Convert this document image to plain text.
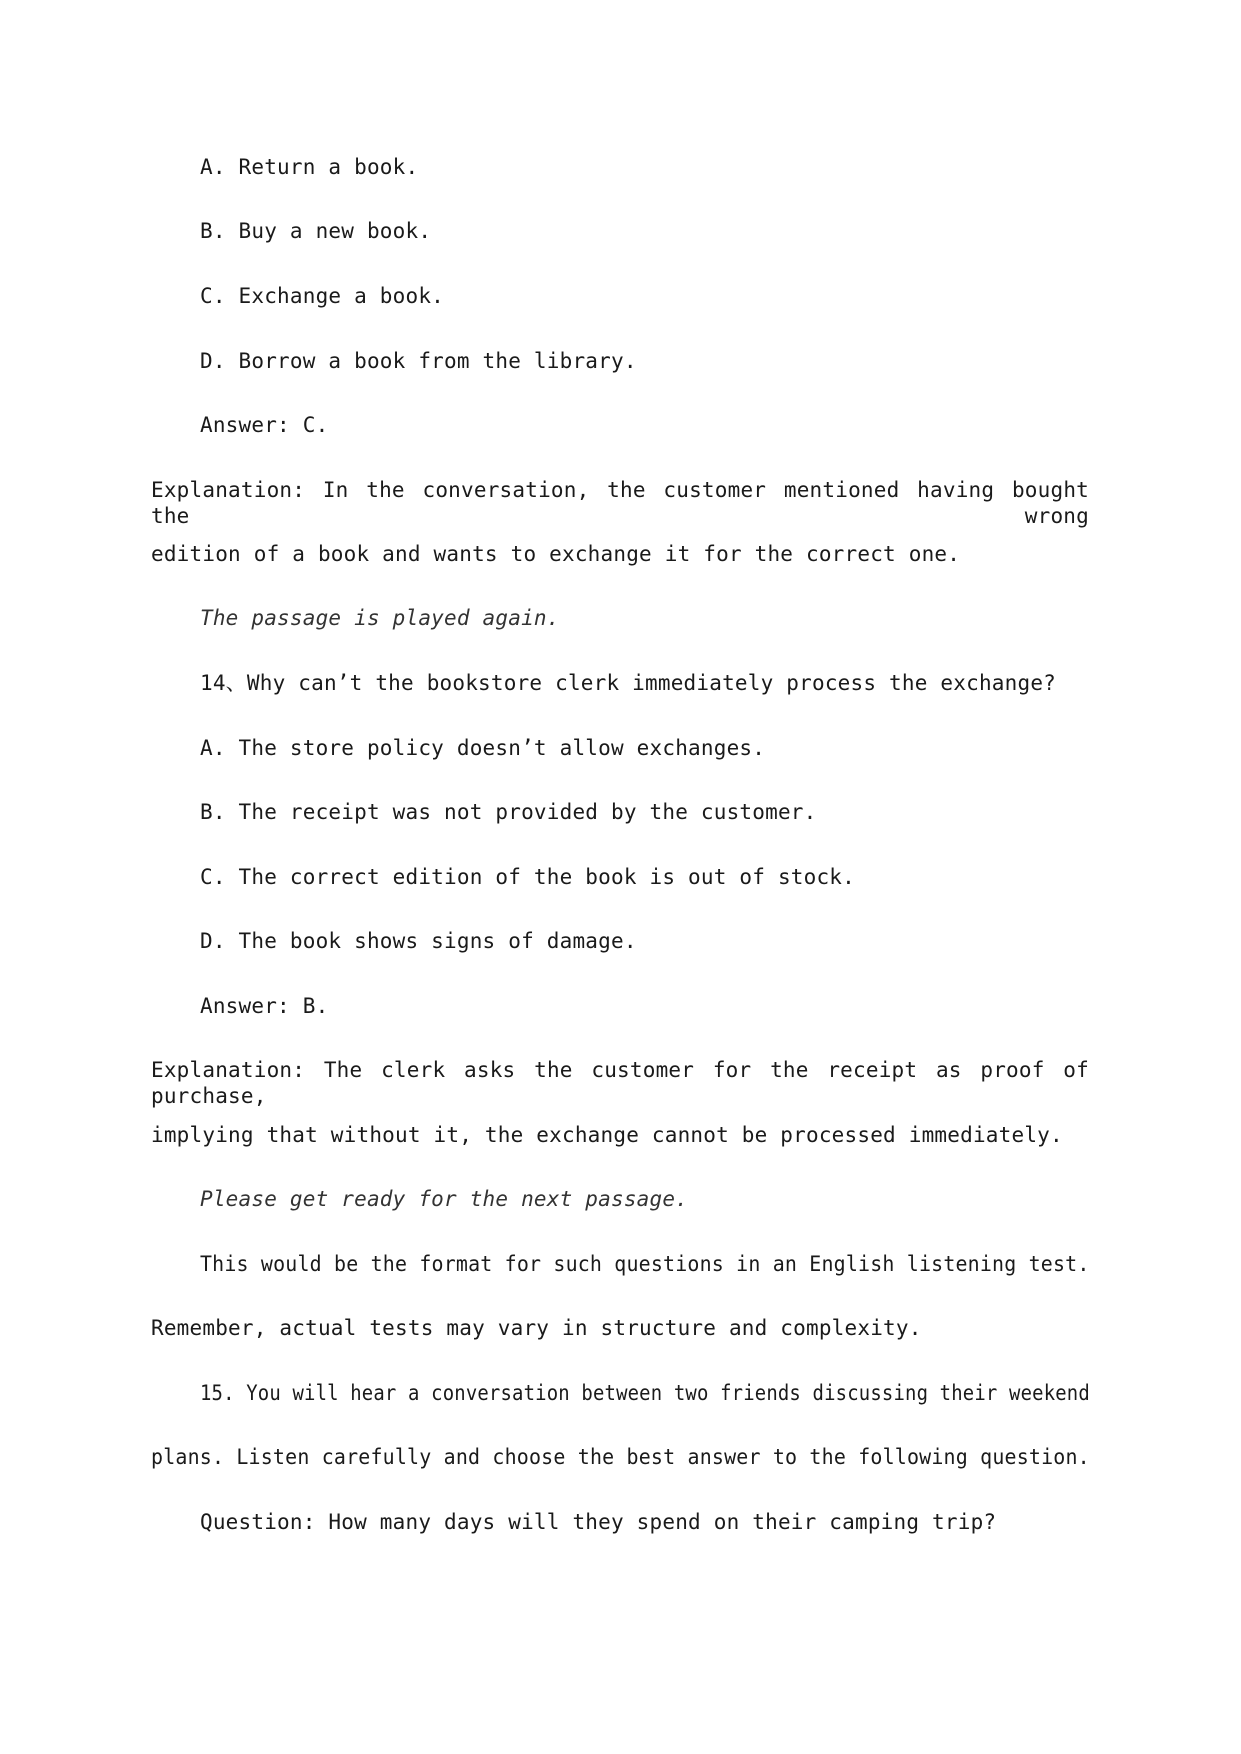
A. Return a book.
B. Buy a new book.
C. Exchange a book.
D. Borrow a book from the library.
Answer: C.
Explanation: In the conversation, the customer mentioned having bought the wrong
edition of a book and wants to exchange it for the correct one.
The passage is played again.
14、Why can’t the bookstore clerk immediately process the exchange?
A. The store policy doesn’t allow exchanges.
B. The receipt was not provided by the customer.
C. The correct edition of the book is out of stock.
D. The book shows signs of damage.
Answer: B.
Explanation: The clerk asks the customer for the receipt as proof of purchase,
implying that without it, the exchange cannot be processed immediately.
Please get ready for the next passage.
This would be the format for such questions in an English listening test.
Remember, actual tests may vary in structure and complexity.
15. You will hear a conversation between two friends discussing their weekend
plans. Listen carefully and choose the best answer to the following question.
Question: How many days will they spend on their camping trip?
